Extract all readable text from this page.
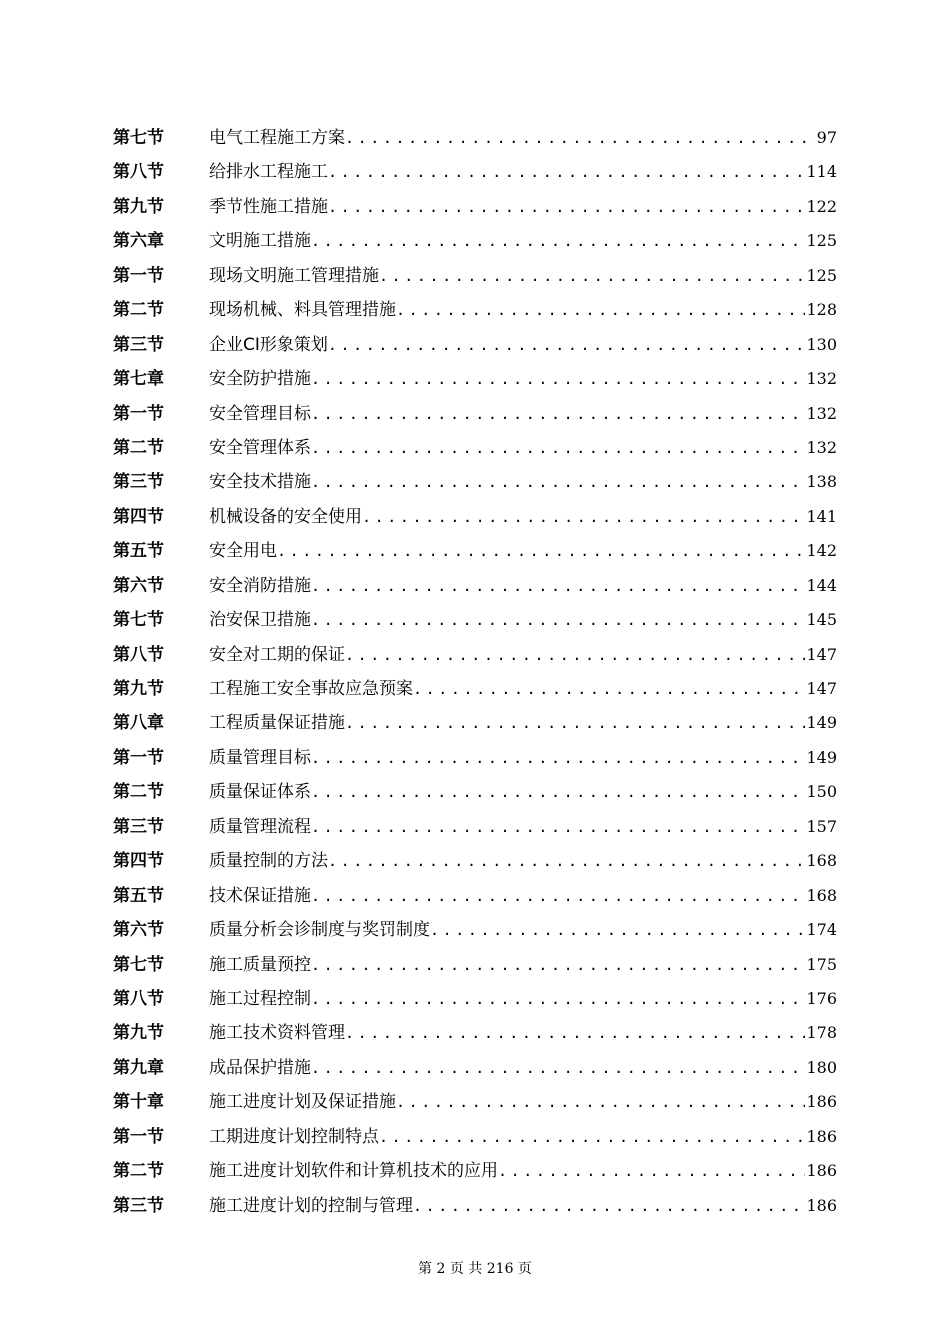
第七节	电气工程施工方案 .....	97
第八节	给排水工程施工 .....	114
第九节	季节性施工措施 .....	122
第六章	文明施工措施 .....	125
第一节	现场文明施工管理措施 .....	125
第二节	现场机械、料具管理措施 .....	128
第三节	企业CI形象策划 .....	130
第七章	安全防护措施 .....	132
第一节	安全管理目标 .....	132
第二节	安全管理体系 .....	132
第三节	安全技术措施 .....	138
第四节	机械设备的安全使用 .....	141
第五节	安全用电 .....	142
第六节	安全消防措施 .....	144
第七节	治安保卫措施 .....	145
第八节	安全对工期的保证 .....	147
第九节	工程施工安全事故应急预案 .....	147
第八章	工程质量保证措施 .....	149
第一节	质量管理目标 .....	149
第二节	质量保证体系 .....	150
第三节	质量管理流程 .....	157
第四节	质量控制的方法 .....	168
第五节	技术保证措施 .....	168
第六节	质量分析会诊制度与奖罚制度 .....	174
第七节	施工质量预控 .....	175
第八节	施工过程控制 .....	176
第九节	施工技术资料管理 .....	178
第九章	成品保护措施 .....	180
第十章	施工进度计划及保证措施 .....	186
第一节	工期进度计划控制特点 .....	186
第二节	施工进度计划软件和计算机技术的应用 .....	186
第三节	施工进度计划的控制与管理 .....	186
第 2 页 共 216 页
